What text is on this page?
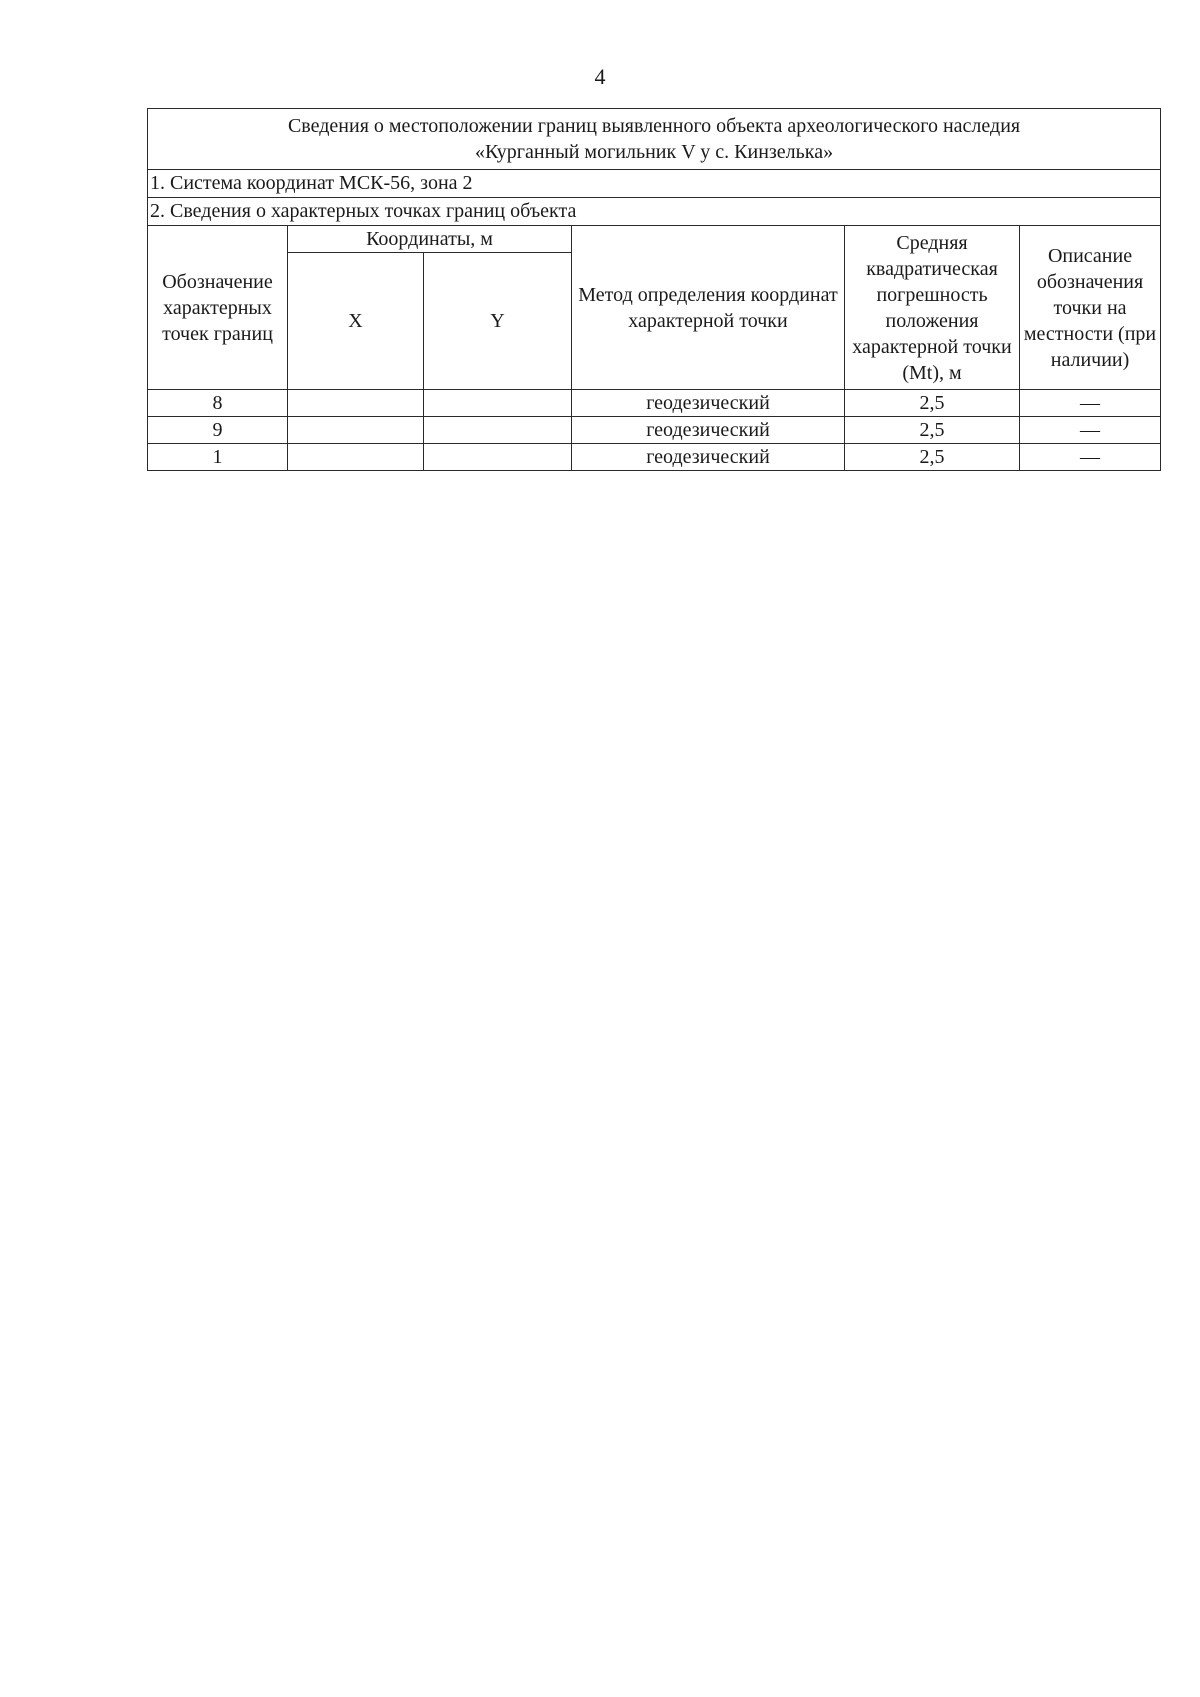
4
Сведения о местоположении границ выявленного объекта археологического наследия
«Курганный могильник V у с. Кинзелька»					

1. Система координат МСК-56, зона 2					
2. Сведения о характерных точках границ объекта					
Обозначение характерных точек границ	Координаты, м		Метод определения координат характерной точки	Средняя квадратическая погрешность положения характерной точки (Mt), м	Описание обозначения точки на местности (при наличии)
	X	Y			
8			геодезический	2,5	—
9			геодезический	2,5	—
1			геодезический	2,5	—
